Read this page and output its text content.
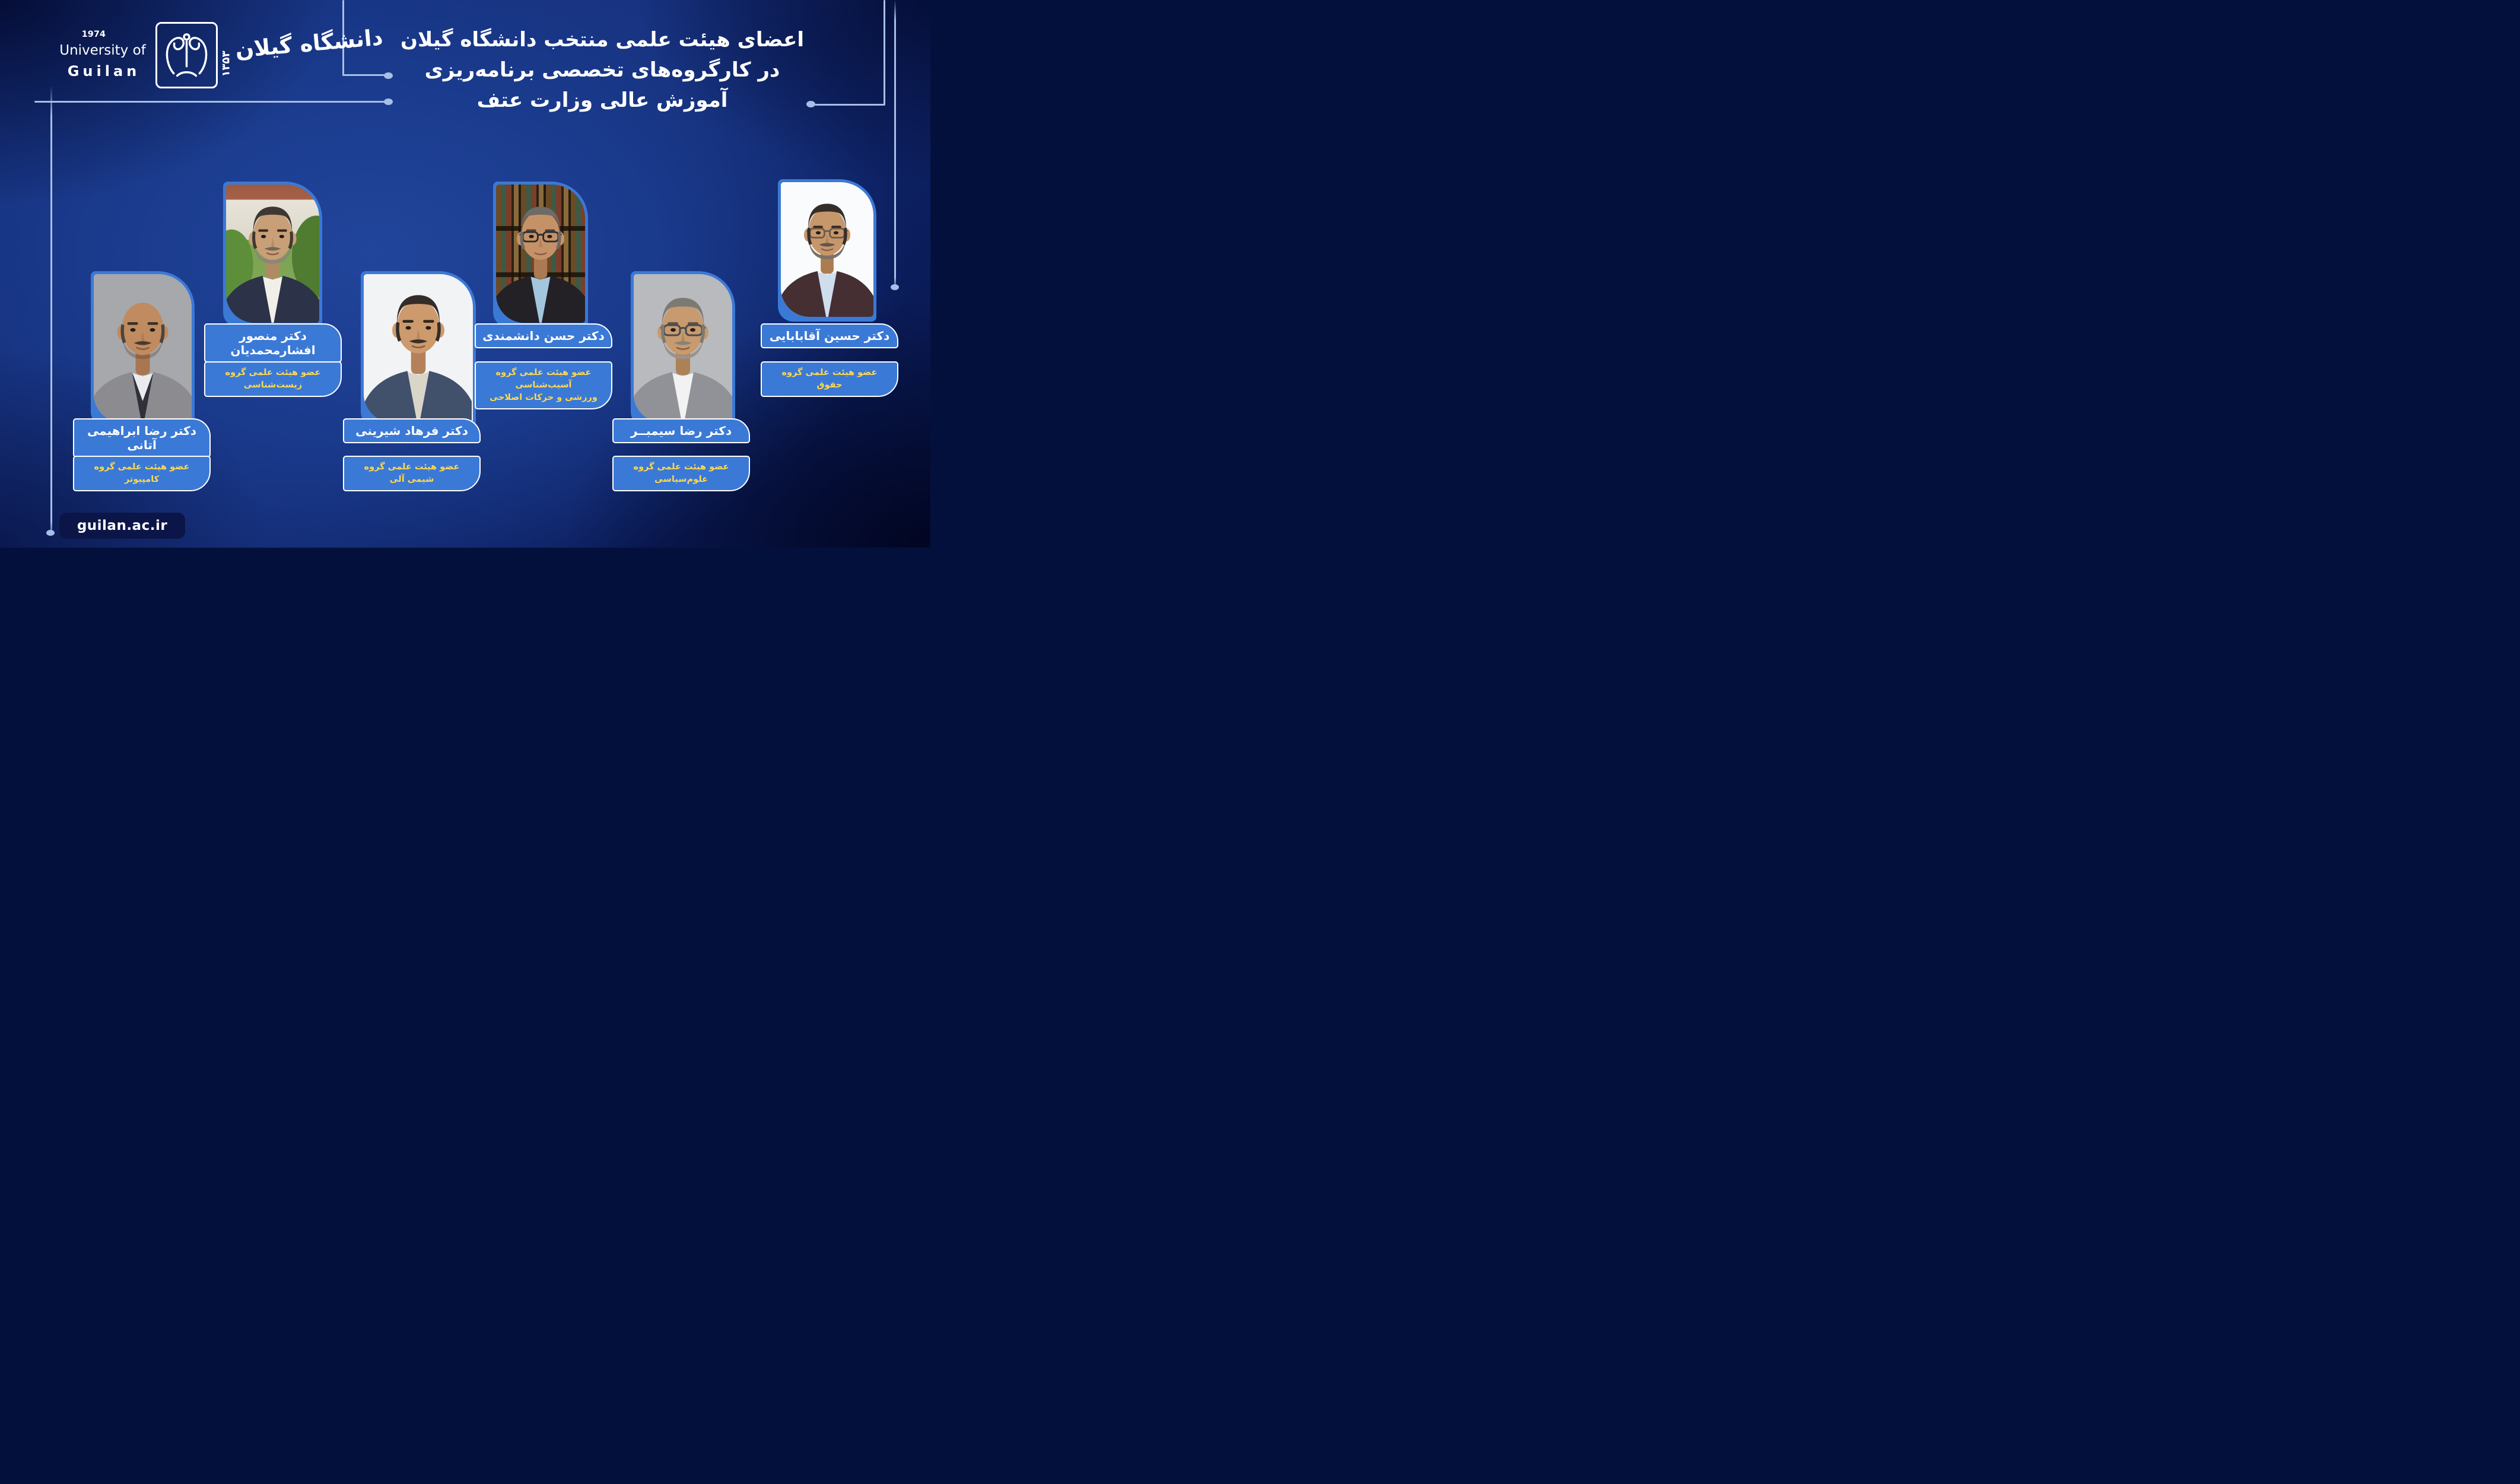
1974
University of
Guilan	۱۳۵۳
دانشگاه گیلان اعضای هیئت علمی منتخب دانشگاه گیلان
در کارگروه‌های تخصصی برنامه‌ریزی
آموزش عالی وزارت عتف
دکتر رضا ابراهیمی آتانی
عضو هیئت علمی گروه کامپیوتر
دکتر منصور افشارمحمدیان
عضو هیئت علمی گروه
زیست‌شناسی
دکتر فرهاد شیرینی
عضو هیئت علمی گروه شیمی آلی
دکتر حسن دانشمندی
عضو هیئت علمی گروه آسیب‌شناسی
ورزشی و حرکات اصلاحی
دکتر رضا سیمبــر
عضو هیئت علمی گروه علوم‌سیاسی
دکتر حسین آقابابایی
عضو هیئت علمی گروه حقوق
guilan.ac.ir
